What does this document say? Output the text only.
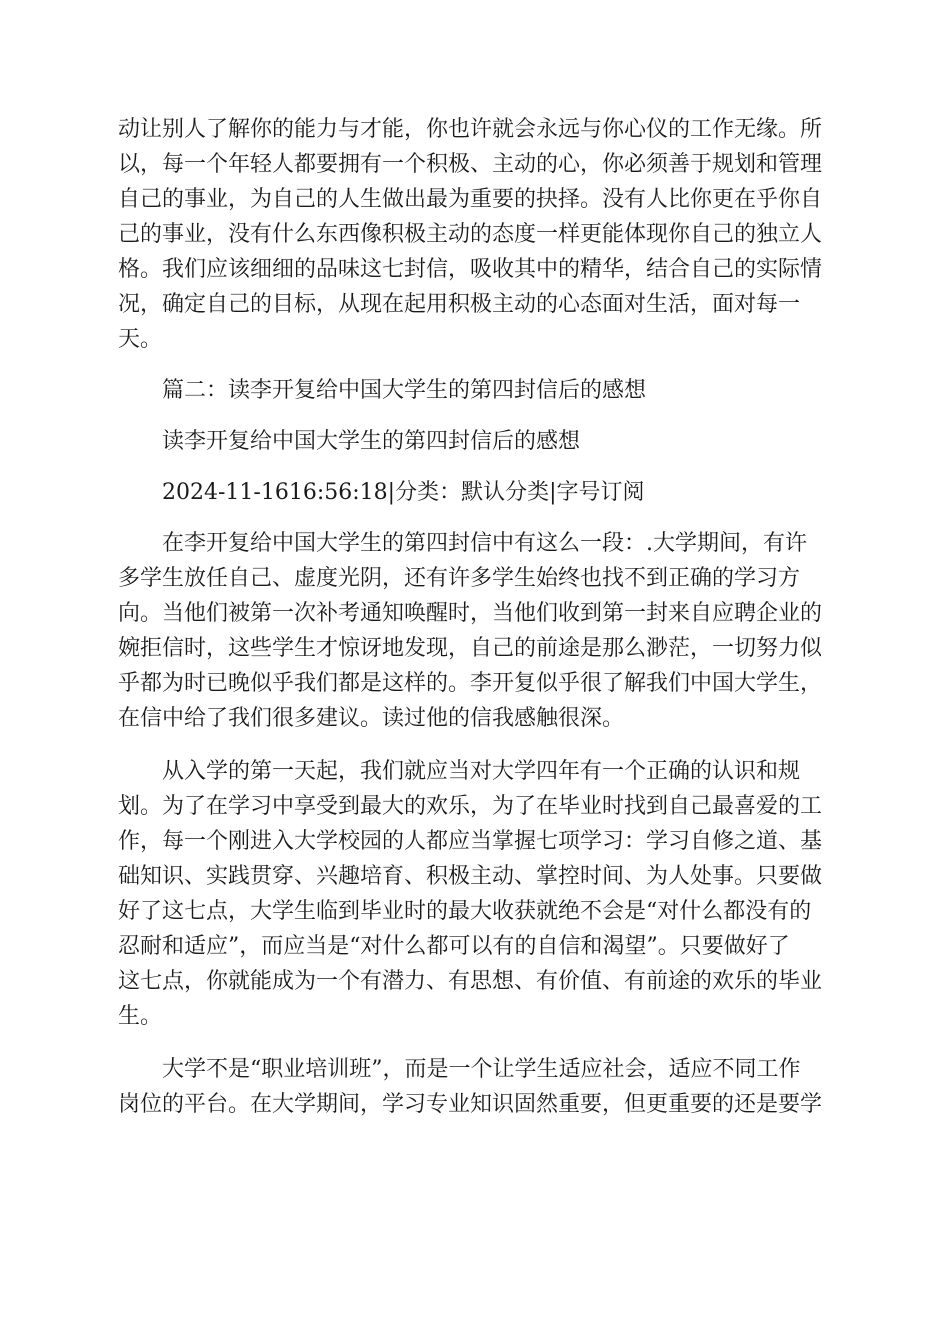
动让别人了解你的能力与才能，你也许就会永远与你心仪的工作无缘。所
以，每一个年轻人都要拥有一个积极、主动的心，你必须善于规划和管理
自己的事业，为自己的人生做出最为重要的抉择。没有人比你更在乎你自
己的事业，没有什么东西像积极主动的态度一样更能体现你自己的独立人
格。我们应该细细的品味这七封信，吸收其中的精华，结合自己的实际情
况，确定自己的目标，从现在起用积极主动的心态面对生活，面对每一
天。
篇二：读李开复给中国大学生的第四封信后的感想
读李开复给中国大学生的第四封信后的感想
2024-11-1616:56:18|分类：默认分类|字号订阅
在李开复给中国大学生的第四封信中有这么一段：.大学期间，有许
多学生放任自己、虚度光阴，还有许多学生始终也找不到正确的学习方
向。当他们被第一次补考通知唤醒时，当他们收到第一封来自应聘企业的
婉拒信时，这些学生才惊讶地发现，自己的前途是那么渺茫，一切努力似
乎都为时已晚似乎我们都是这样的。李开复似乎很了解我们中国大学生，
在信中给了我们很多建议。读过他的信我感触很深。
从入学的第一天起，我们就应当对大学四年有一个正确的认识和规
划。为了在学习中享受到最大的欢乐，为了在毕业时找到自己最喜爱的工
作，每一个刚进入大学校园的人都应当掌握七项学习：学习自修之道、基
础知识、实践贯穿、兴趣培育、积极主动、掌控时间、为人处事。只要做
好了这七点，大学生临到毕业时的最大收获就绝不会是“对什么都没有的
忍耐和适应”，而应当是“对什么都可以有的自信和渴望”。只要做好了
这七点，你就能成为一个有潜力、有思想、有价值、有前途的欢乐的毕业
生。
大学不是“职业培训班”，而是一个让学生适应社会，适应不同工作
岗位的平台。在大学期间，学习专业知识固然重要，但更重要的还是要学
